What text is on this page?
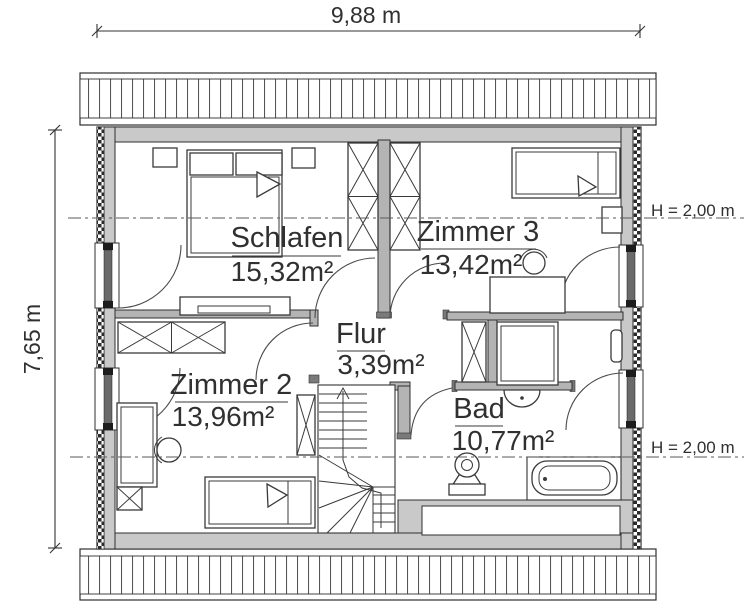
9,88 m
7,65 m
Schlafen
15,32m²
Zimmer 3
13,42m²
Zimmer 2
13,96m²
Flur
3,39m²
Bad
10,77m²
H = 2,00 m
H = 2,00 m
